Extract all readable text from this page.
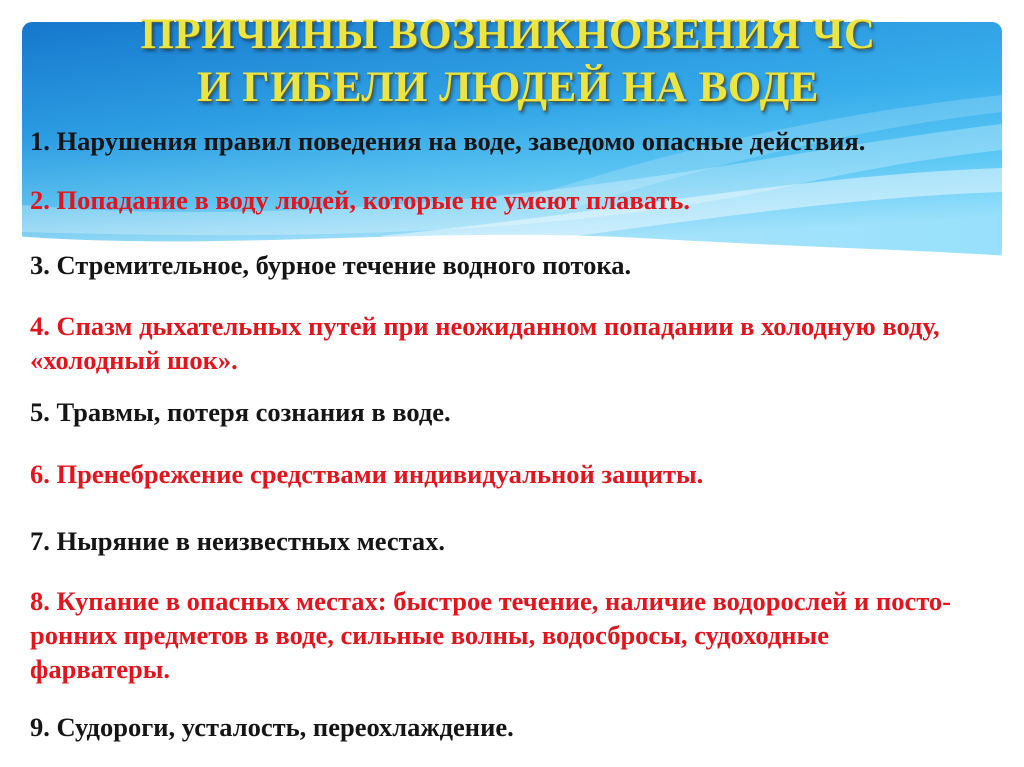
ПРИЧИНЫ ВОЗНИКНОВЕНИЯ ЧС
И ГИБЕЛИ ЛЮДЕЙ НА ВОДЕ
1. Нарушения правил поведения на воде, заведомо опасные действия.
2. Попадание в воду людей, которые не умеют плавать.
3. Стремительное, бурное течение водного потока.
4. Спазм дыхательных путей при неожиданном попадании в холодную воду,
«холодный шок».
5. Травмы, потеря сознания в воде.
6. Пренебрежение средствами индивидуальной защиты.
7. Ныряние в неизвестных местах.
8. Купание в опасных местах: быстрое течение, наличие водорослей и посто-
ронних предметов в воде, сильные волны, водосбросы, судоходные
фарватеры.
9. Судороги, усталость, переохлаждение.
